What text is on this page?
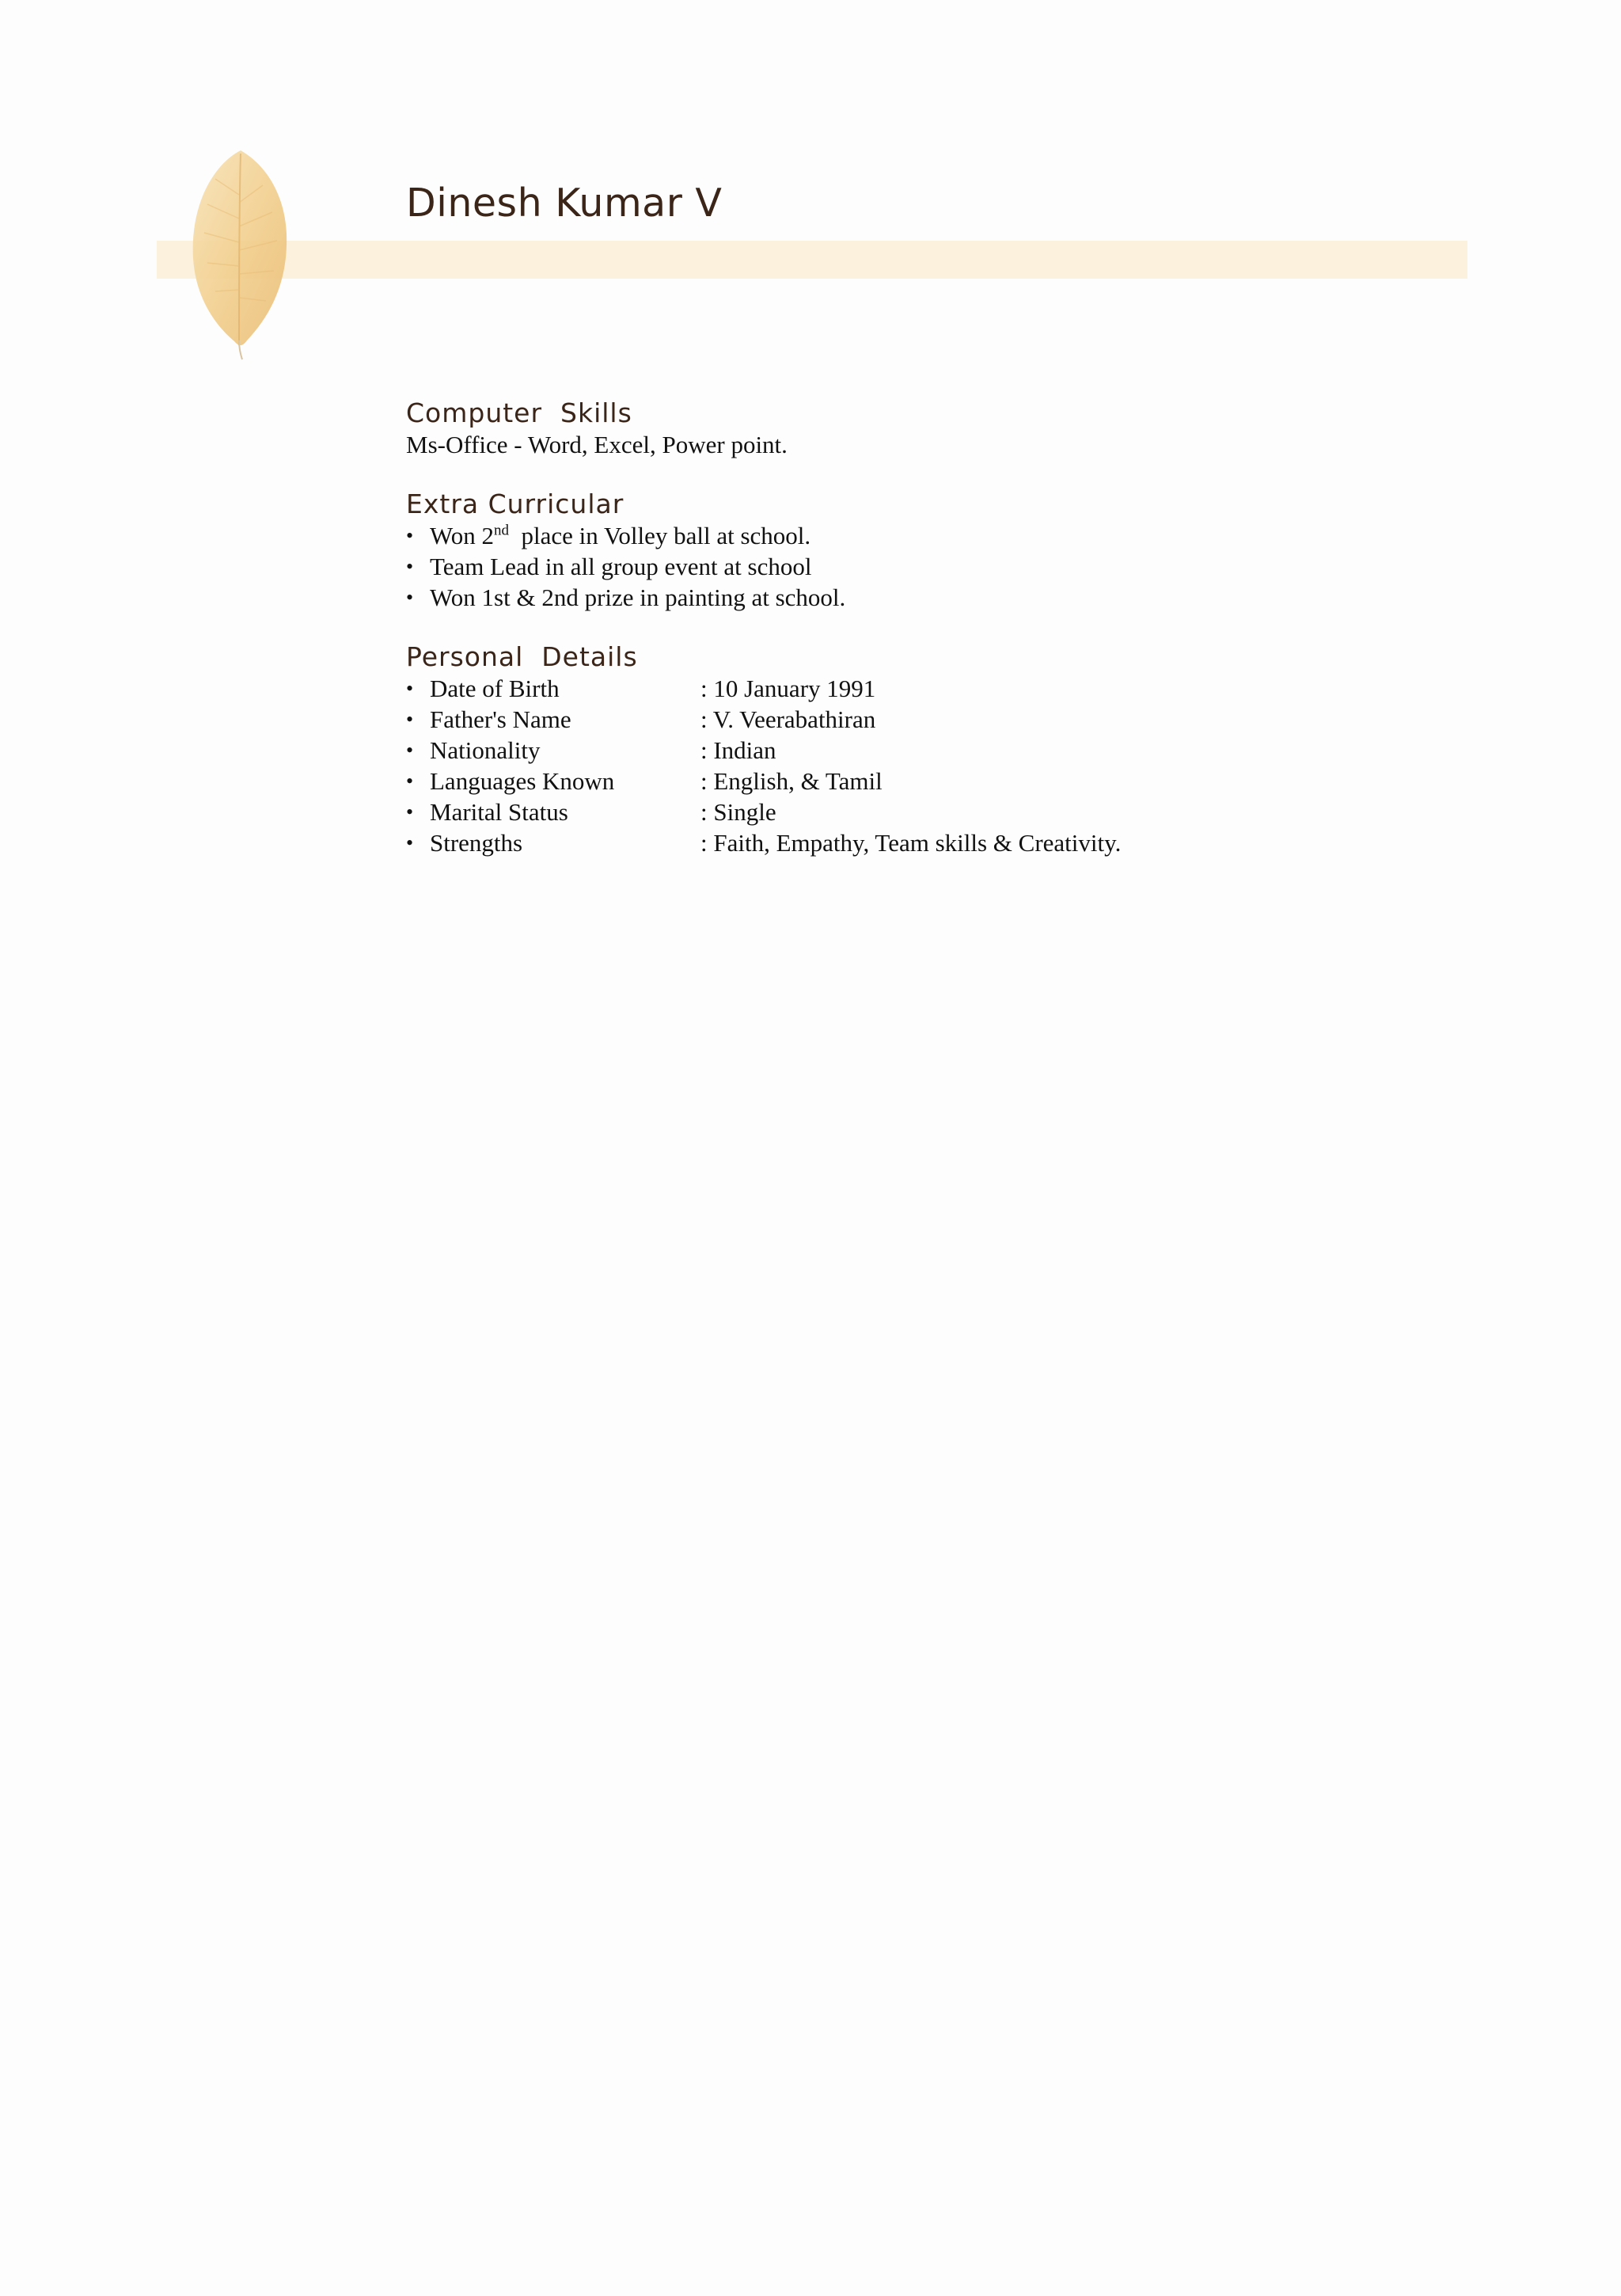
Dinesh Kumar V
Computer  Skills
Ms-Office - Word, Excel, Power point.
Extra Curricular
• Won 2nd  place in Volley ball at school.
• Team Lead in all group event at school
• Won 1st & 2nd prize in painting at school.
Personal  Details
• Date of Birth	: 10 January 1991
• Father's Name	: V. Veerabathiran
• Nationality	: Indian
• Languages Known	: English, & Tamil
• Marital Status	: Single
• Strengths	: Faith, Empathy, Team skills & Creativity.
